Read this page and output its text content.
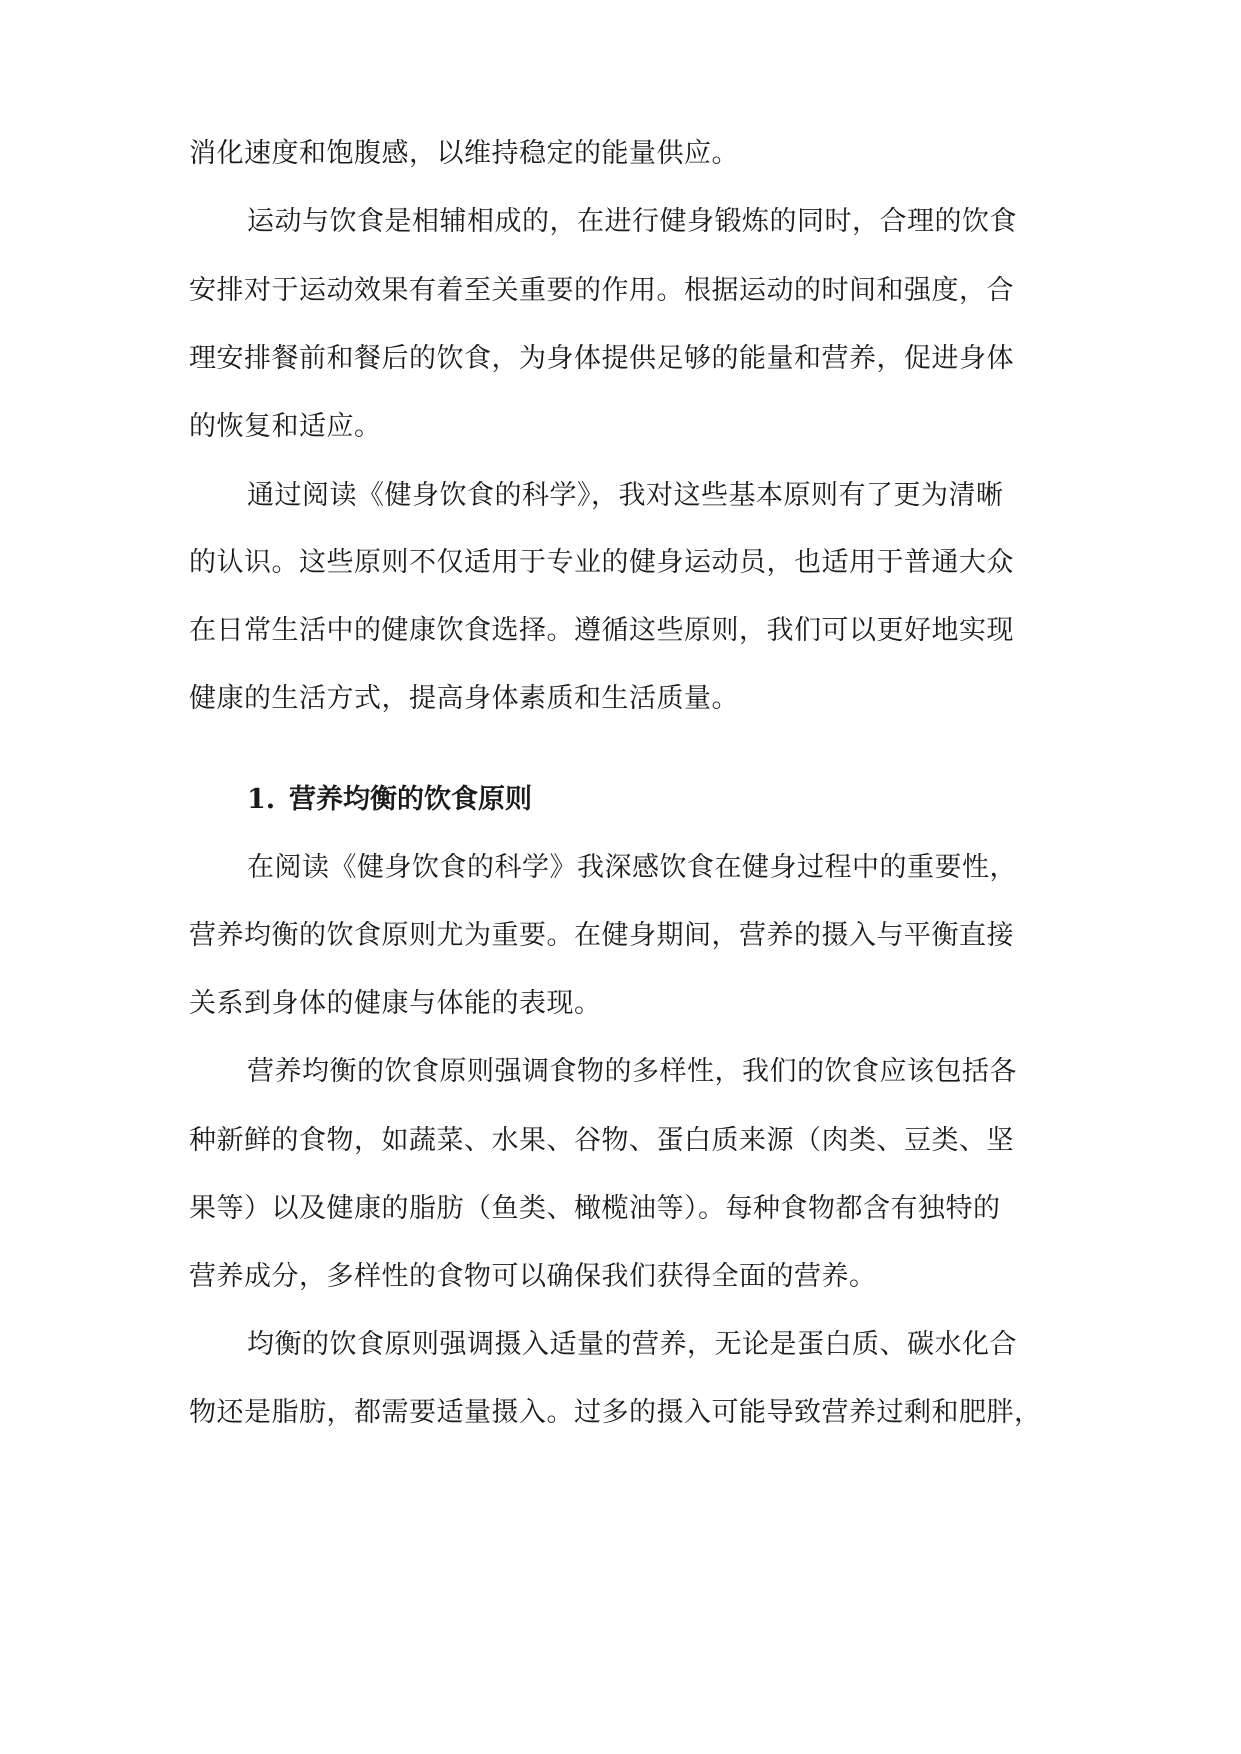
消化速度和饱腹感，以维持稳定的能量供应。
运动与饮食是相辅相成的，在进行健身锻炼的同时，合理的饮食
安排对于运动效果有着至关重要的作用。根据运动的时间和强度，合
理安排餐前和餐后的饮食，为身体提供足够的能量和营养，促进身体
的恢复和适应。
通过阅读《健身饮食的科学》，我对这些基本原则有了更为清晰
的认识。这些原则不仅适用于专业的健身运动员，也适用于普通大众
在日常生活中的健康饮食选择。遵循这些原则，我们可以更好地实现
健康的生活方式，提高身体素质和生活质量。
1. 营养均衡的饮食原则
在阅读《健身饮食的科学》我深感饮食在健身过程中的重要性，
营养均衡的饮食原则尤为重要。在健身期间，营养的摄入与平衡直接
关系到身体的健康与体能的表现。
营养均衡的饮食原则强调食物的多样性，我们的饮食应该包括各
种新鲜的食物，如蔬菜、水果、谷物、蛋白质来源（肉类、豆类、坚
果等）以及健康的脂肪（鱼类、橄榄油等）。每种食物都含有独特的
营养成分，多样性的食物可以确保我们获得全面的营养。
均衡的饮食原则强调摄入适量的营养，无论是蛋白质、碳水化合
物还是脂肪，都需要适量摄入。过多的摄入可能导致营养过剩和肥胖，
